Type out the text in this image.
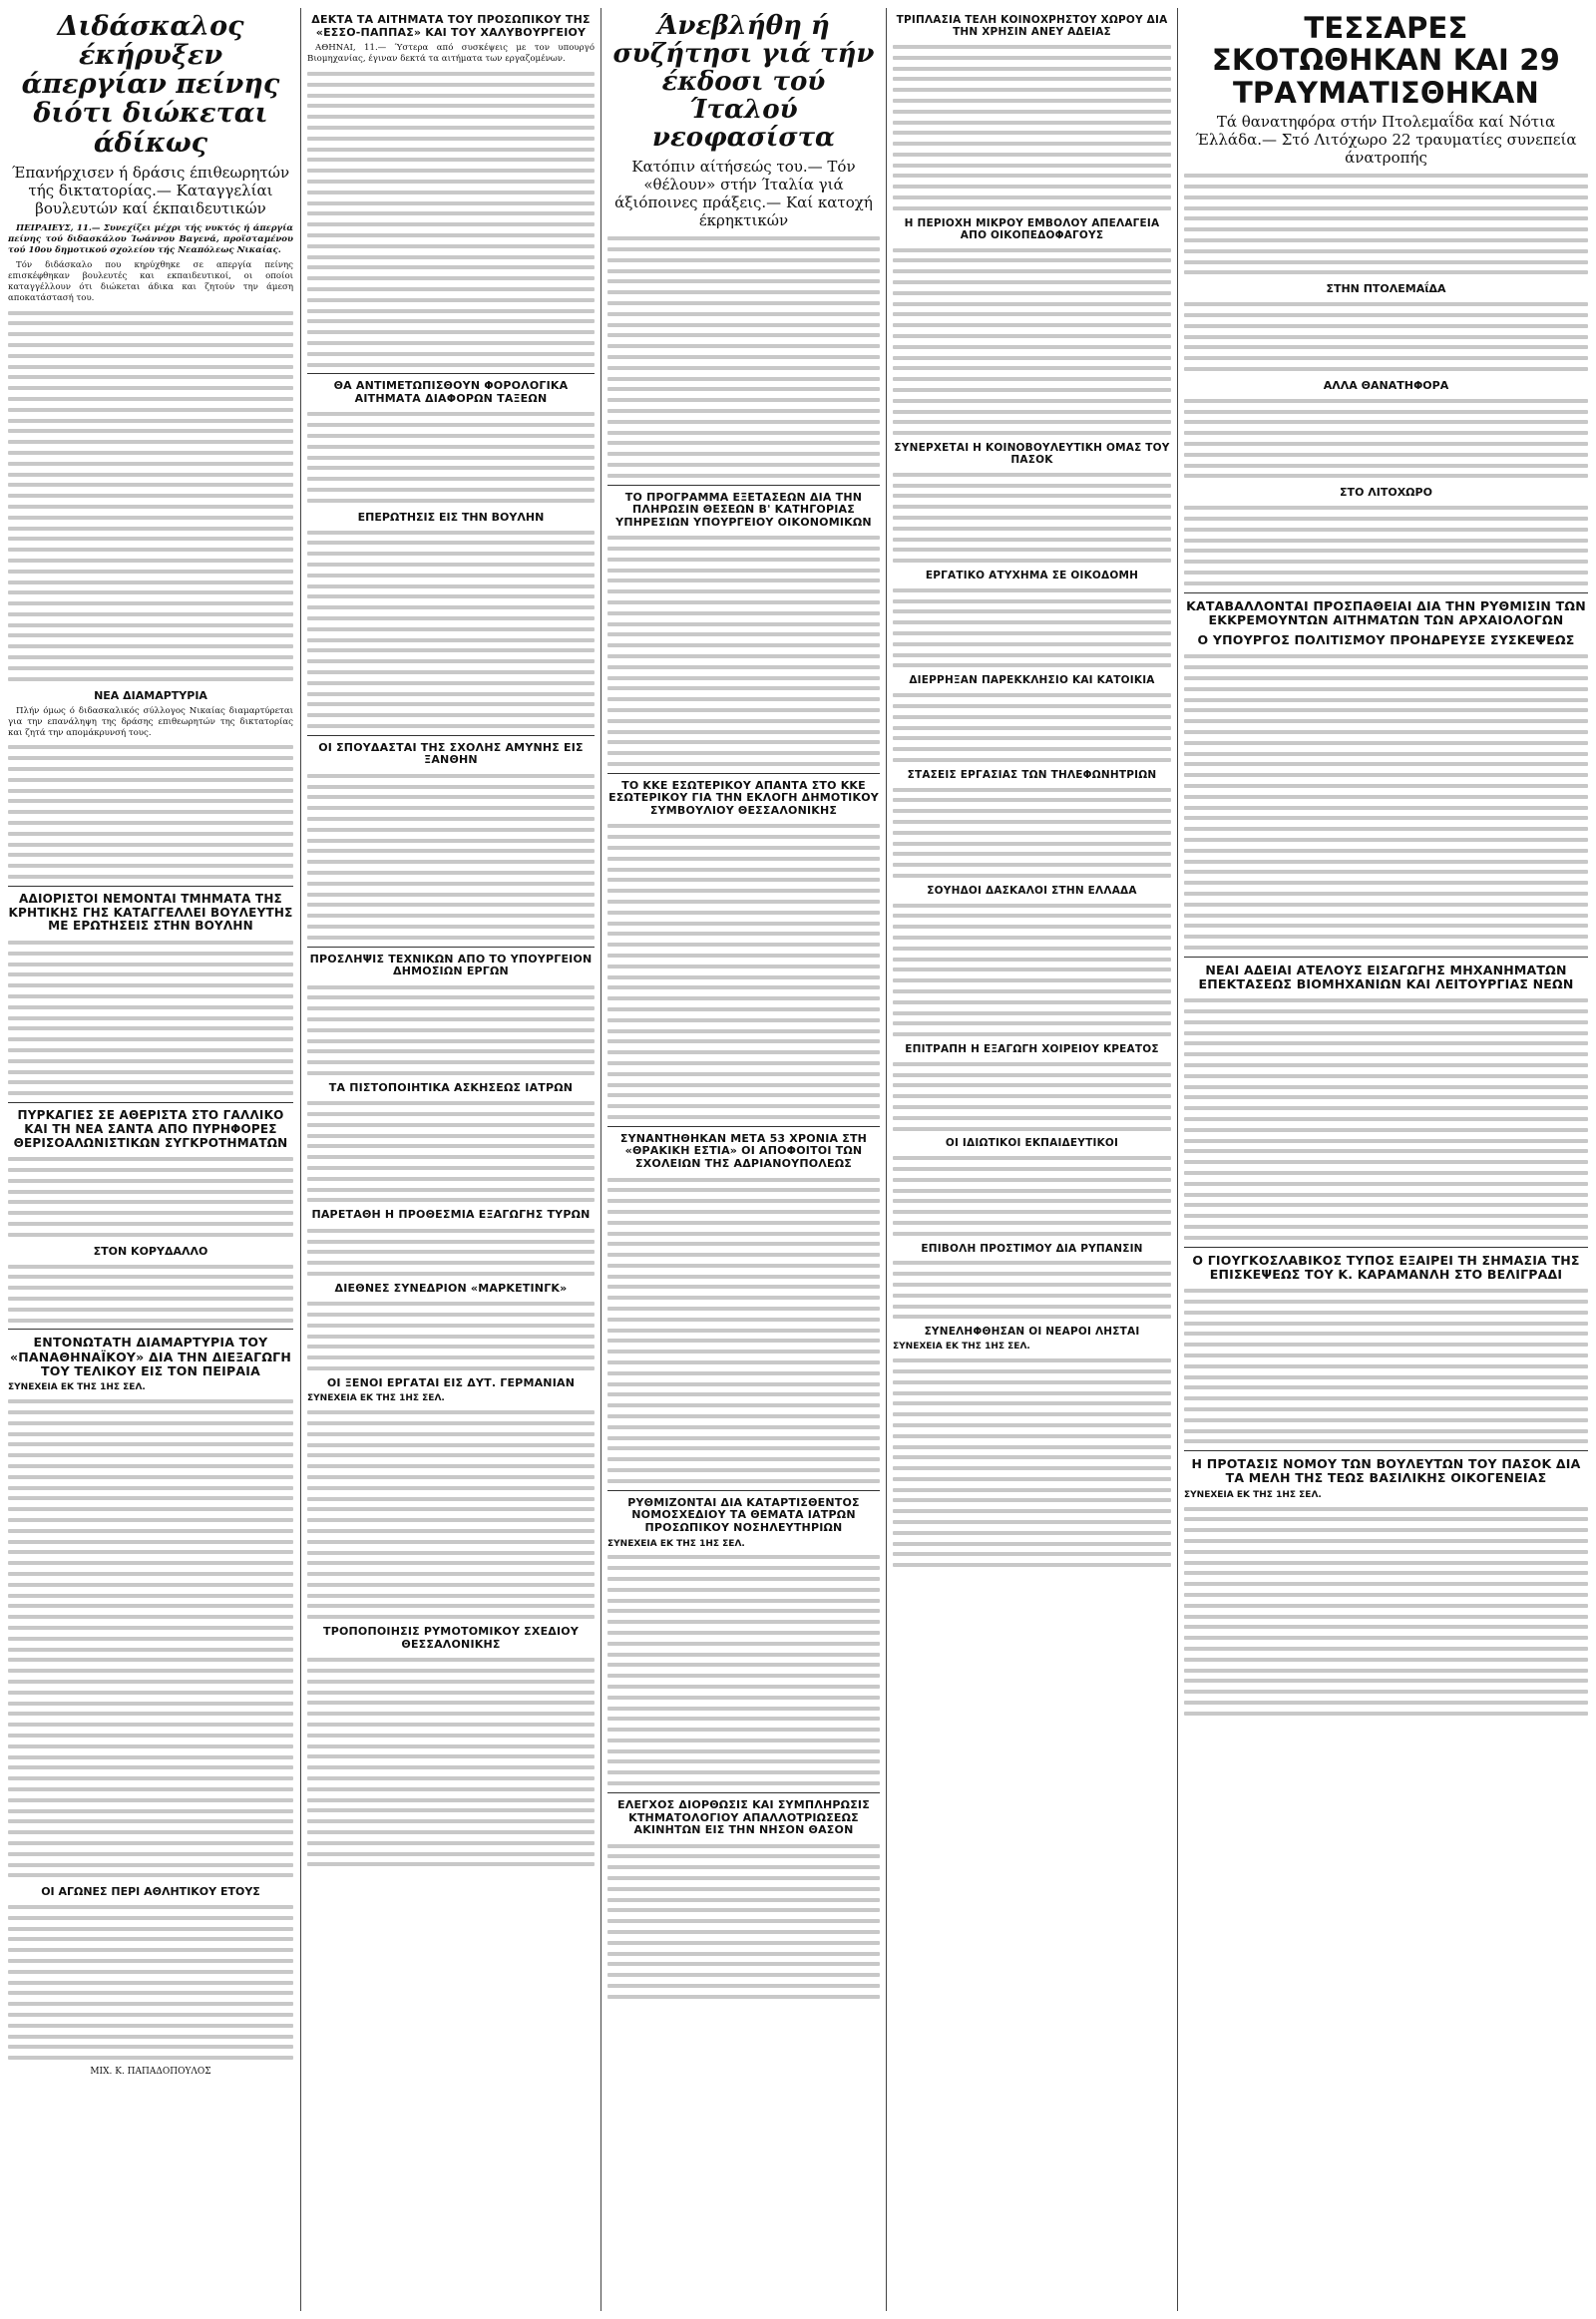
Διδάσκαλος έκήρυξεν άπεργίαν πείνης διότι διώκεται άδίκως
Έπανήρχισεν ή δράσις έπιθεωρητών τής δικτατορίας.— Καταγγελίαι βουλευτών καί έκπαιδευτικών

ΠΕΙΡΑΙΕΥΣ, 11.— Συνεχίζει μέχρι τής νυκτός ή άπεργία πείνης τού διδασκάλου Ίωάννου Βαγενά, προϊσταμένου τού 10ου δημοτικού σχολείου τής Νεαπόλεως Νικαίας.

Τόν διδάσκαλο που κηρύχθηκε σε απεργία πείνης επισκέφθηκαν βουλευτές και εκπαιδευτικοί, οι οποίοι καταγγέλλουν ότι διώκεται άδικα και ζητούν την άμεση αποκατάστασή του.

ΝΕΑ ΔΙΑΜΑΡΤΥΡΙΑ

Πλήν όμως ό διδασκαλικός σύλλογος Νικαίας διαμαρτύρεται για την επανάληψη της δράσης επιθεωρητών της δικτατορίας και ζητά την απομάκρυνσή τους.

ΑΔΙΟΡΙΣΤΟΙ ΝΕΜΟΝΤΑΙ ΤΜΗΜΑΤΑ ΤΗΣ ΚΡΗΤΙΚΗΣ ΓΗΣ ΚΑΤΑΓΓΕΛΛΕΙ ΒΟΥΛΕΥΤΗΣ ΜΕ ΕΡΩΤΗΣΕΙΣ ΣΤΗΝ ΒΟΥΛΗΝ
ΠΥΡΚΑΓΙΕΣ ΣΕ ΑΘΕΡΙΣΤΑ ΣΤΟ ΓΑΛΛΙΚΟ ΚΑΙ ΤΗ ΝΕΑ ΣΑΝΤΑ ΑΠΟ ΠΥΡΗΦΟΡΕΣ ΘΕΡΙΣΟΑΛΩΝΙΣΤΙΚΩΝ ΣΥΓΚΡΟΤΗΜΑΤΩΝ
ΣΤΟΝ ΚΟΡΥΔΑΛΛΟ
ΕΝΤΟΝΩΤΑΤΗ ΔΙΑΜΑΡΤΥΡΙΑ ΤΟΥ «ΠΑΝΑΘΗΝΑΪΚΟΥ» ΔΙΑ ΤΗΝ ΔΙΕΞΑΓΩΓΗ ΤΟΥ ΤΕΛΙΚΟΥ ΕΙΣ ΤΟΝ ΠΕΙΡΑΙΑ
ΣΥΝΕΧΕΙΑ ΕΚ ΤΗΣ 1ΗΣ ΣΕΛ.
ΟΙ ΑΓΩΝΕΣ ΠΕΡΙ ΑΘΛΗΤΙΚΟΥ ΕΤΟΥΣ
ΜΙΧ. Κ. ΠΑΠΑΔΟΠΟΥΛΟΣ
ΔΕΚΤΑ ΤΑ ΑΙΤΗΜΑΤΑ ΤΟΥ ΠΡΟΣΩΠΙΚΟΥ ΤΗΣ «ΕΣΣΟ-ΠΑΠΠΑΣ» ΚΑΙ ΤΟΥ ΧΑΛΥΒΟΥΡΓΕΙΟΥ

ΑΘΗΝΑΙ, 11.— Ύστερα από συσκέψεις με τον υπουργό Βιομηχανίας, έγιναν δεκτά τα αιτήματα των εργαζομένων.

ΘΑ ΑΝΤΙΜΕΤΩΠΙΣΘΟΥΝ ΦΟΡΟΛΟΓΙΚΑ ΑΙΤΗΜΑΤΑ ΔΙΑΦΟΡΩΝ ΤΑΞΕΩΝ
ΕΠΕΡΩΤΗΣΙΣ ΕΙΣ ΤΗΝ ΒΟΥΛΗΝ
ΟΙ ΣΠΟΥΔΑΣΤΑΙ ΤΗΣ ΣΧΟΛΗΣ ΑΜΥΝΗΣ ΕΙΣ ΞΑΝΘΗΝ
ΠΡΟΣΛΗΨΙΣ ΤΕΧΝΙΚΩΝ ΑΠΟ ΤΟ ΥΠΟΥΡΓΕΙΟΝ ΔΗΜΟΣΙΩΝ ΕΡΓΩΝ
ΤΑ ΠΙΣΤΟΠΟΙΗΤΙΚΑ ΑΣΚΗΣΕΩΣ ΙΑΤΡΩΝ
ΠΑΡΕΤΑΘΗ Η ΠΡΟΘΕΣΜΙΑ ΕΞΑΓΩΓΗΣ ΤΥΡΩΝ
ΔΙΕΘΝΕΣ ΣΥΝΕΔΡΙΟΝ «ΜΑΡΚΕΤΙΝΓΚ»
ΟΙ ΞΕΝΟΙ ΕΡΓΑΤΑΙ ΕΙΣ ΔΥΤ. ΓΕΡΜΑΝΙΑΝ
ΣΥΝΕΧΕΙΑ ΕΚ ΤΗΣ 1ΗΣ ΣΕΛ.
ΤΡΟΠΟΠΟΙΗΣΙΣ ΡΥΜΟΤΟΜΙΚΟΥ ΣΧΕΔΙΟΥ ΘΕΣΣΑΛΟΝΙΚΗΣ
Άνεβλήθη ή συζήτησι γιά τήν έκδοσι τού Ίταλού νεοφασίστα
Κατόπιν αίτήσεώς του.— Τόν «θέλουν» στήν Ίταλία γιά άξιόποινες πράξεις.— Καί κατοχή έκρηκτικών
ΤΟ ΠΡΟΓΡΑΜΜΑ ΕΞΕΤΑΣΕΩΝ ΔΙΑ ΤΗΝ ΠΛΗΡΩΣΙΝ ΘΕΣΕΩΝ Β' ΚΑΤΗΓΟΡΙΑΣ ΥΠΗΡΕΣΙΩΝ ΥΠΟΥΡΓΕΙΟΥ ΟΙΚΟΝΟΜΙΚΩΝ
ΤΟ ΚΚΕ ΕΣΩΤΕΡΙΚΟΥ ΑΠΑΝΤΑ ΣΤΟ ΚΚΕ ΕΣΩΤΕΡΙΚΟΥ ΓΙΑ ΤΗΝ ΕΚΛΟΓΗ ΔΗΜΟΤΙΚΟΥ ΣΥΜΒΟΥΛΙΟΥ ΘΕΣΣΑΛΟΝΙΚΗΣ
ΣΥΝΑΝΤΗΘΗΚΑΝ ΜΕΤΑ 53 ΧΡΟΝΙΑ ΣΤΗ «ΘΡΑΚΙΚΗ ΕΣΤΙΑ» ΟΙ ΑΠΟΦΟΙΤΟΙ ΤΩΝ ΣΧΟΛΕΙΩΝ ΤΗΣ ΑΔΡΙΑΝΟΥΠΟΛΕΩΣ
ΡΥΘΜΙΖΟΝΤΑΙ ΔΙΑ ΚΑΤΑΡΤΙΣΘΕΝΤΟΣ ΝΟΜΟΣΧΕΔΙΟΥ ΤΑ ΘΕΜΑΤΑ ΙΑΤΡΩΝ ΠΡΟΣΩΠΙΚΟΥ ΝΟΣΗΛΕΥΤΗΡΙΩΝ
ΣΥΝΕΧΕΙΑ ΕΚ ΤΗΣ 1ΗΣ ΣΕΛ.
ΕΛΕΓΧΟΣ ΔΙΟΡΘΩΣΙΣ ΚΑΙ ΣΥΜΠΛΗΡΩΣΙΣ ΚΤΗΜΑΤΟΛΟΓΙΟΥ ΑΠΑΛΛΟΤΡΙΩΣΕΩΣ ΑΚΙΝΗΤΩΝ ΕΙΣ ΤΗΝ ΝΗΣΟΝ ΘΑΣΟΝ
ΤΡΙΠΛΑΣΙΑ ΤΕΛΗ ΚΟΙΝΟΧΡΗΣΤΟΥ ΧΩΡΟΥ ΔΙΑ ΤΗΝ ΧΡΗΣΙΝ ΑΝΕΥ ΑΔΕΙΑΣ
Η ΠΕΡΙΟΧΗ ΜΙΚΡΟΥ ΕΜΒΟΛΟΥ ΑΠΕΛΑΓΕΙΑ ΑΠΟ ΟΙΚΟΠΕΔΟΦΑΓΟΥΣ
ΣΥΝΕΡΧΕΤΑΙ Η ΚΟΙΝΟΒΟΥΛΕΥΤΙΚΗ ΟΜΑΣ ΤΟΥ ΠΑΣΟΚ
ΕΡΓΑΤΙΚΟ ΑΤΥΧΗΜΑ ΣΕ ΟΙΚΟΔΟΜΗ
ΔΙΕΡΡΗΞΑΝ ΠΑΡΕΚΚΛΗΣΙΟ ΚΑΙ ΚΑΤΟΙΚΙΑ
ΣΤΑΣΕΙΣ ΕΡΓΑΣΙΑΣ ΤΩΝ ΤΗΛΕΦΩΝΗΤΡΙΩΝ
ΣΟΥΗΔΟΙ ΔΑΣΚΑΛΟΙ ΣΤΗΝ ΕΛΛΑΔΑ
ΕΠΙΤΡΑΠΗ Η ΕΞΑΓΩΓΗ ΧΟΙΡΕΙΟΥ ΚΡΕΑΤΟΣ
ΟΙ ΙΔΙΩΤΙΚΟΙ ΕΚΠΑΙΔΕΥΤΙΚΟΙ
ΕΠΙΒΟΛΗ ΠΡΟΣΤΙΜΟΥ ΔΙΑ ΡΥΠΑΝΣΙΝ
ΣΥΝΕΛΗΦΘΗΣΑΝ ΟΙ ΝΕΑΡΟΙ ΛΗΣΤΑΙ
ΣΥΝΕΧΕΙΑ ΕΚ ΤΗΣ 1ΗΣ ΣΕΛ.
ΤΕΣΣΑΡΕΣ ΣΚΟΤΩΘΗΚΑΝ ΚΑΙ 29 ΤΡΑΥΜΑΤΙΣΘΗΚΑΝ
Τά θανατηφόρα στήν Πτολεμαΐδα καί Νότια Έλλάδα.— Στό Λιτόχωρο 22 τραυματίες συνεπεία άνατροπής
ΣΤΗΝ ΠΤΟΛΕΜΑΐΔΑ
ΑΛΛΑ ΘΑΝΑΤΗΦΟΡΑ
ΣΤΟ ΛΙΤΟΧΩΡΟ
ΚΑΤΑΒΑΛΛΟΝΤΑΙ ΠΡΟΣΠΑΘΕΙΑΙ ΔΙΑ ΤΗΝ ΡΥΘΜΙΣΙΝ ΤΩΝ ΕΚΚΡΕΜΟΥΝΤΩΝ ΑΙΤΗΜΑΤΩΝ ΤΩΝ ΑΡΧΑΙΟΛΟΓΩΝ
Ο ΥΠΟΥΡΓΟΣ ΠΟΛΙΤΙΣΜΟΥ ΠΡΟΗΔΡΕΥΣΕ ΣΥΣΚΕΨΕΩΣ
ΝΕΑΙ ΑΔΕΙΑΙ ΑΤΕΛΟΥΣ ΕΙΣΑΓΩΓΗΣ ΜΗΧΑΝΗΜΑΤΩΝ ΕΠΕΚΤΑΣΕΩΣ ΒΙΟΜΗΧΑΝΙΩΝ ΚΑΙ ΛΕΙΤΟΥΡΓΙΑΣ ΝΕΩΝ
Ο ΓΙΟΥΓΚΟΣΛΑΒΙΚΟΣ ΤΥΠΟΣ ΕΞΑΙΡΕΙ ΤΗ ΣΗΜΑΣΙΑ ΤΗΣ ΕΠΙΣΚΕΨΕΩΣ ΤΟΥ Κ. ΚΑΡΑΜΑΝΛΗ ΣΤΟ ΒΕΛΙΓΡΑΔΙ
Η ΠΡΟΤΑΣΙΣ ΝΟΜΟΥ ΤΩΝ ΒΟΥΛΕΥΤΩΝ ΤΟΥ ΠΑΣΟΚ ΔΙΑ ΤΑ ΜΕΛΗ ΤΗΣ ΤΕΩΣ ΒΑΣΙΛΙΚΗΣ ΟΙΚΟΓΕΝΕΙΑΣ
ΣΥΝΕΧΕΙΑ ΕΚ ΤΗΣ 1ΗΣ ΣΕΛ.
